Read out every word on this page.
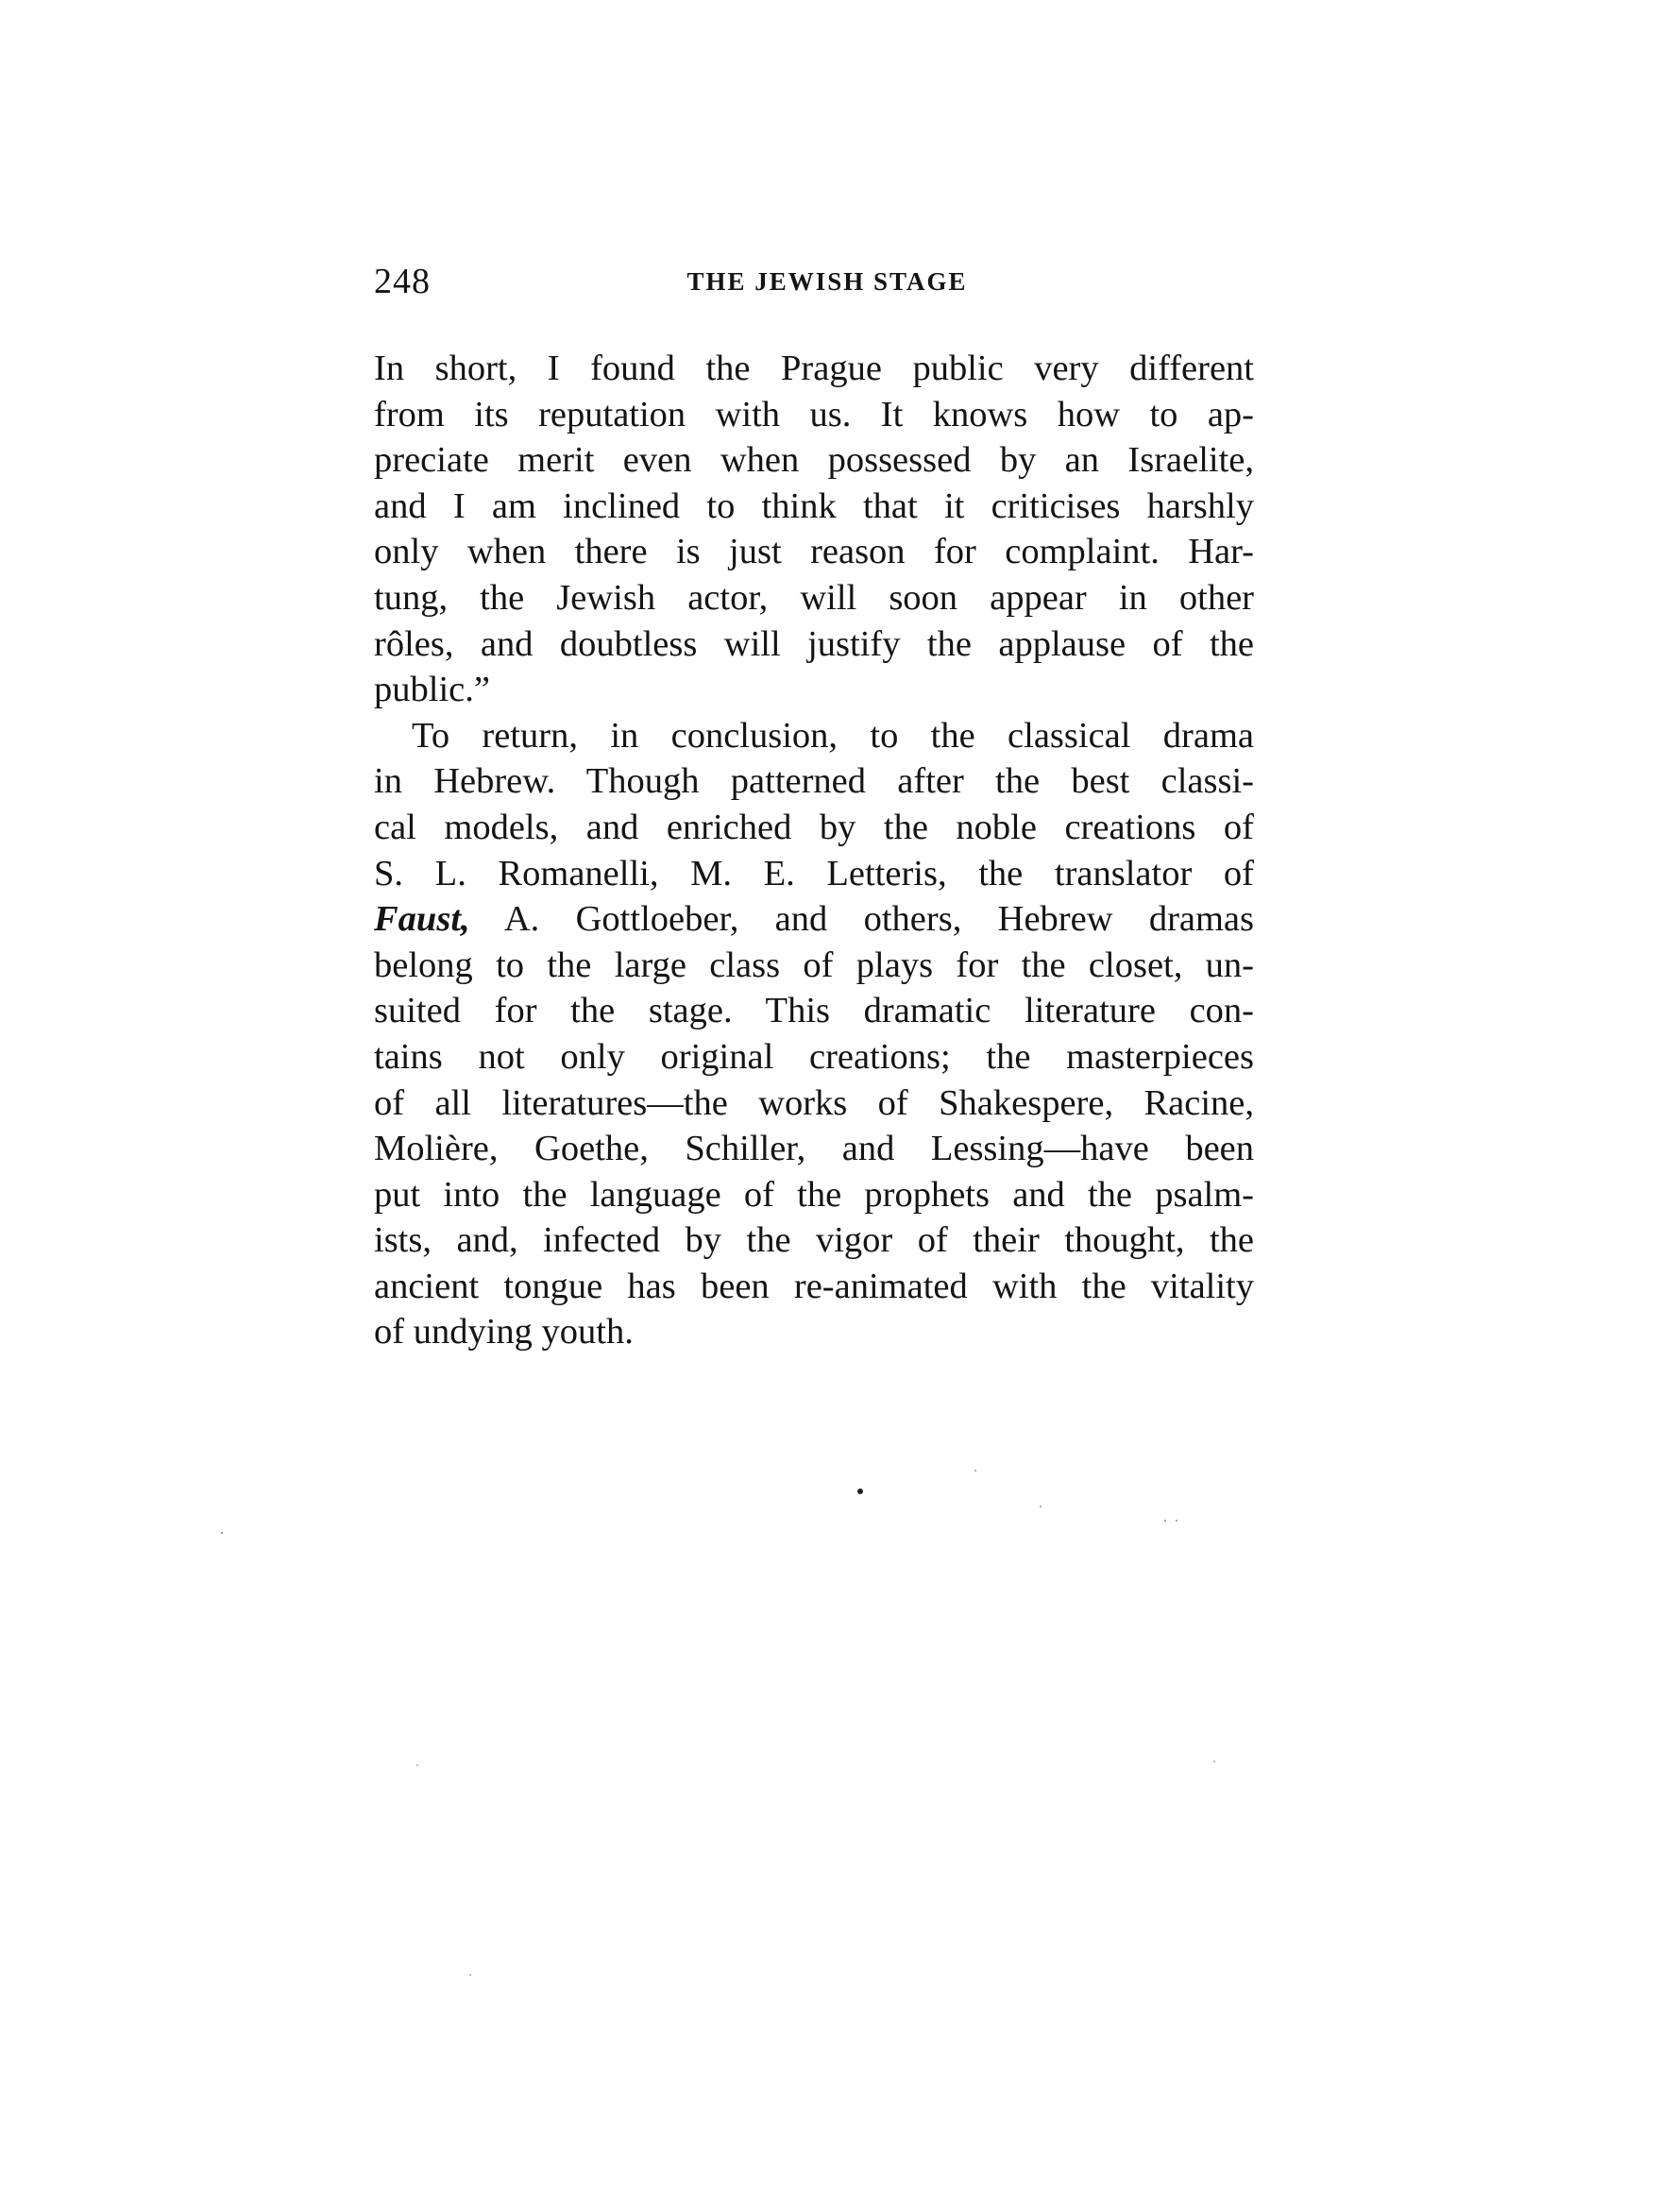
248	THE JEWISH STAGE
In short, I found the Prague public very different
from its reputation with us. It knows how to ap-
preciate merit even when possessed by an Israelite,
and I am inclined to think that it criticises harshly
only when there is just reason for complaint. Har-
tung, the Jewish actor, will soon appear in other
rôles, and doubtless will justify the applause of the
public.”
To return, in conclusion, to the classical drama
in Hebrew. Though patterned after the best classi-
cal models, and enriched by the noble creations of
S. L. Romanelli, M. E. Letteris, the translator of
Faust, A. Gottloeber, and others, Hebrew dramas
belong to the large class of plays for the closet, un-
suited for the stage. This dramatic literature con-
tains not only original creations; the masterpieces
of all literatures—the works of Shakespere, Racine,
Molière, Goethe, Schiller, and Lessing—have been
put into the language of the prophets and the psalm-
ists, and, infected by the vigor of their thought, the
ancient tongue has been re-animated with the vitality
of undying youth.
